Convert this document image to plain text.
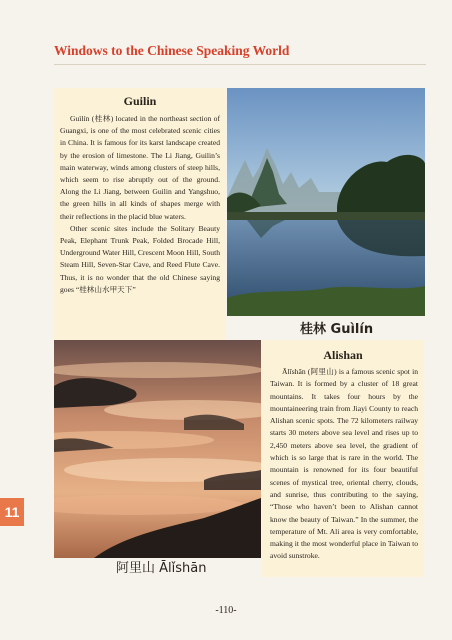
Windows to the Chinese Speaking World
Guilin

Guìlín (桂林) located in the northeast section of Guangxi, is one of the most celebrated scenic cities in China. It is famous for its karst landscape created by the erosion of limestone. The Li Jiang, Guilin’s main waterway, winds among clusters of steep hills, which seem to rise abruptly out of the ground. Along the Li Jiang, between Guilin and Yangshuo, the green hills in all kinds of shapes merge with their reflections in the placid blue waters.

Other scenic sites include the Solitary Beauty Peak, Elephant Trunk Peak, Folded Brocade Hill, Underground Water Hill, Crescent Moon Hill, South Steam Hill, Seven-Star Cave, and Reed Flute Cave. Thus, it is no wonder that the old Chinese saying goes “桂林山水甲天下”

桂林 Guìlín
阿里山 Ālǐshān
Alishan

Ālǐshān (阿里山) is a famous scenic spot in Taiwan. It is formed by a cluster of 18 great mountains. It takes four hours by the mountaineering train from Jiayi County to reach Alishan scenic spots. The 72 kilometers railway starts 30 meters above sea level and rises up to 2,450 meters above sea level, the gradient of which is so large that is rare in the world. The mountain is renowned for its four beautiful scenes of mystical tree, oriental cherry, clouds, and sunrise, thus contributing to the saying, “Those who haven’t been to Alishan cannot know the beauty of Taiwan.” In the summer, the temperature of Mt. Ali area is very comfortable, making it the most wonderful place in Taiwan to avoid sunstroke.

11
-110-
